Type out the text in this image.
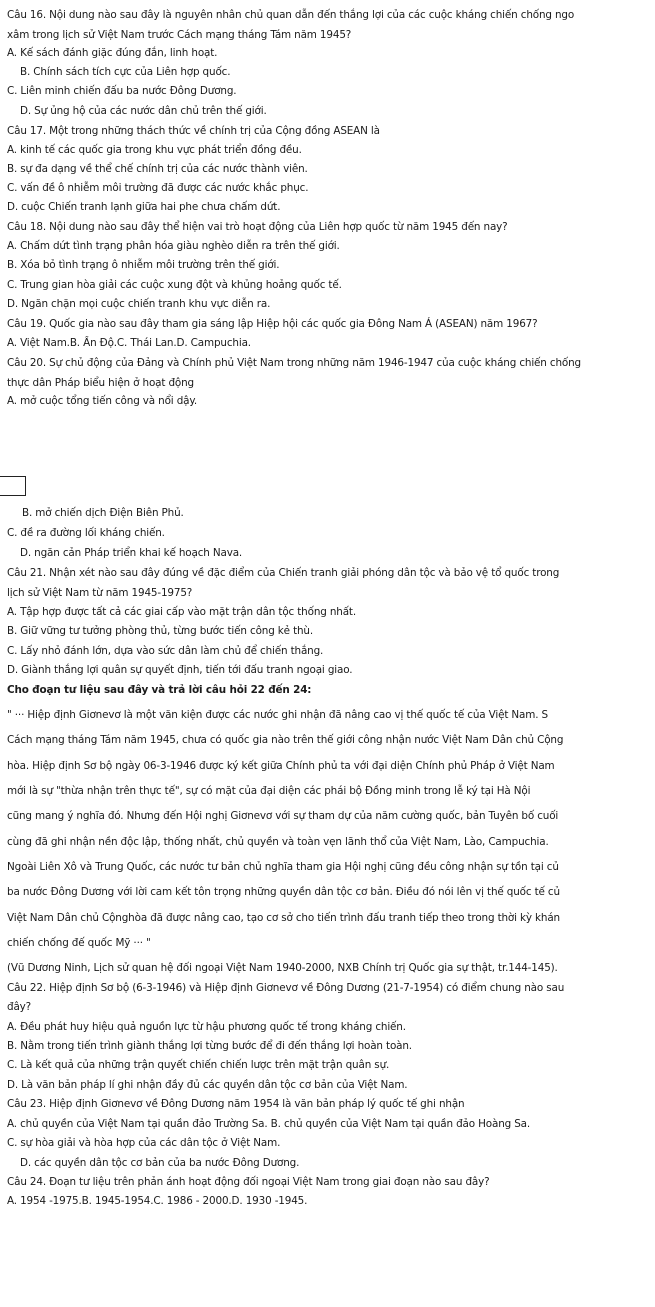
Câu 16. Nội dung nào sau đây là nguyên nhân chủ quan dẫn đến thắng lợi của các cuộc kháng chiến chống ngo
xâm trong lịch sử Việt Nam trước Cách mạng tháng Tám năm 1945?
A. Kế sách đánh giặc đúng đắn, linh hoạt.
B. Chính sách tích cực của Liên hợp quốc.
C. Liên minh chiến đấu ba nước Đông Dương.
D. Sự ủng hộ của các nước dân chủ trên thế giới.
Câu 17. Một trong những thách thức về chính trị của Cộng đồng ASEAN là
A. kinh tế các quốc gia trong khu vực phát triển đồng đều.
B. sự đa dạng về thể chế chính trị của các nước thành viên.
C. vấn đề ô nhiễm môi trường đã được các nước khắc phục.
D. cuộc Chiến tranh lạnh giữa hai phe chưa chấm dứt.
Câu 18. Nội dung nào sau đây thể hiện vai trò hoạt động của Liên hợp quốc từ năm 1945 đến nay?
A. Chấm dứt tình trạng phân hóa giàu nghèo diễn ra trên thế giới.
B. Xóa bỏ tình trạng ô nhiễm môi trường trên thế giới.
C. Trung gian hòa giải các cuộc xung đột và khủng hoảng quốc tế.
D. Ngăn chặn mọi cuộc chiến tranh khu vực diễn ra.
Câu 19. Quốc gia nào sau đây tham gia sáng lập Hiệp hội các quốc gia Đông Nam Á (ASEAN) năm 1967?
A. Việt Nam.B. Ấn Độ.C. Thái Lan.D. Campuchia.
Câu 20. Sự chủ động của Đảng và Chính phủ Việt Nam trong những năm 1946-1947 của cuộc kháng chiến chống
thực dân Pháp biểu hiện ở hoạt động
A. mở cuộc tổng tiến công và nổi dậy.
B. mở chiến dịch Điện Biên Phủ.
C. đề ra đường lối kháng chiến.
D. ngăn cản Pháp triển khai kế hoạch Nava.
Câu 21. Nhận xét nào sau đây đúng về đặc điểm của Chiến tranh giải phóng dân tộc và bảo vệ tổ quốc trong
lịch sử Việt Nam từ năm 1945-1975?
A. Tập hợp được tất cả các giai cấp vào mặt trận dân tộc thống nhất.
B. Giữ vững tư tưởng phòng thủ, từng bước tiến công kẻ thù.
C. Lấy nhỏ đánh lớn, dựa vào sức dân làm chủ để chiến thắng.
D. Giành thắng lợi quân sự quyết định, tiến tới đấu tranh ngoại giao.
Cho đoạn tư liệu sau đây và trả lời câu hỏi 22 đến 24:
" ··· Hiệp định Giơnevơ là một văn kiện được các nước ghi nhận đã nâng cao vị thế quốc tế của Việt Nam. S
Cách mạng tháng Tám năm 1945, chưa có quốc gia nào trên thế giới công nhận nước Việt Nam Dân chủ Cộng
hòa. Hiệp định Sơ bộ ngày 06-3-1946 được ký kết giữa Chính phủ ta với đại diện Chính phủ Pháp ở Việt Nam
mới là sự "thừa nhận trên thực tế", sự có mặt của đại diện các phái bộ Đồng minh trong lễ ký tại Hà Nội
cũng mang ý nghĩa đó. Nhưng đến Hội nghị Giơnevơ với sự tham dự của năm cường quốc, bản Tuyên bố cuối
cùng đã ghi nhận nền độc lập, thống nhất, chủ quyền và toàn vẹn lãnh thổ của Việt Nam, Lào, Campuchia.
Ngoài Liên Xô và Trung Quốc, các nước tư bản chủ nghĩa tham gia Hội nghị cũng đều công nhận sự tồn tại củ
ba nước Đông Dương với lời cam kết tôn trọng những quyền dân tộc cơ bản. Điều đó nói lên vị thế quốc tế củ
Việt Nam Dân chủ Cộnghòa đã được nâng cao, tạo cơ sở cho tiến trình đấu tranh tiếp theo trong thời kỳ khán
chiến chống đế quốc Mỹ ··· "
(Vũ Dương Ninh, Lịch sử quan hệ đối ngoại Việt Nam 1940-2000, NXB Chính trị Quốc gia sự thật, tr.144-145).
Câu 22. Hiệp định Sơ bộ (6-3-1946) và Hiệp định Giơnevơ về Đông Dương (21-7-1954) có điểm chung nào sau
đây?
A. Đều phát huy hiệu quả nguồn lực từ hậu phương quốc tế trong kháng chiến.
B. Nằm trong tiến trình giành thắng lợi từng bước để đi đến thắng lợi hoàn toàn.
C. Là kết quả của những trận quyết chiến chiến lược trên mặt trận quân sự.
D. Là văn bản pháp lí ghi nhận đầy đủ các quyền dân tộc cơ bản của Việt Nam.
Câu 23. Hiệp định Giơnevơ về Đông Dương năm 1954 là văn bản pháp lý quốc tế ghi nhận
A. chủ quyền của Việt Nam tại quần đảo Trường Sa. B. chủ quyền của Việt Nam tại quần đảo Hoàng Sa.
C. sự hòa giải và hòa hợp của các dân tộc ở Việt Nam.
D. các quyền dân tộc cơ bản của ba nước Đông Dương.
Câu 24. Đoạn tư liệu trên phản ánh hoạt động đối ngoại Việt Nam trong giai đoạn nào sau đây?
A. 1954 -1975.B. 1945-1954.C. 1986 - 2000.D. 1930 -1945.
